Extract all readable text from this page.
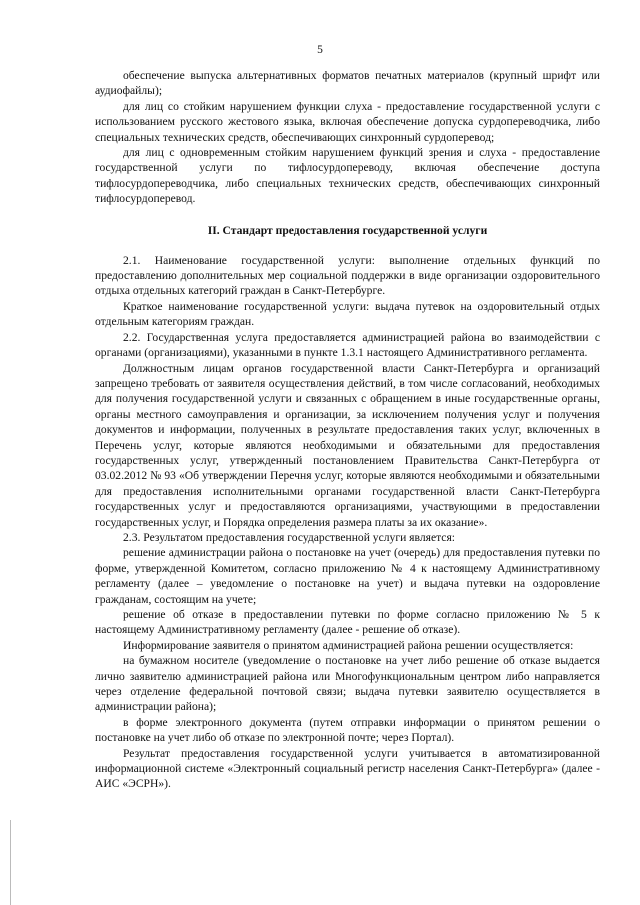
5

обеспечение выпуска альтернативных форматов печатных материалов (крупный шрифт или аудиофайлы);

для лиц со стойким нарушением функции слуха - предоставление государственной услуги с использованием русского жестового языка, включая обеспечение допуска сурдопереводчика, либо специальных технических средств, обеспечивающих синхронный сурдоперевод;

для лиц с одновременным стойким нарушением функций зрения и слуха - предоставление государственной услуги по тифлосурдопереводу, включая обеспечение доступа тифлосурдопереводчика, либо специальных технических средств, обеспечивающих синхронный тифлосурдоперевод.

II. Стандарт предоставления государственной услуги

2.1. Наименование государственной услуги: выполнение отдельных функций по предоставлению дополнительных мер социальной поддержки в виде организации оздоровительного отдыха отдельных категорий граждан в Санкт-Петербурге.

Краткое наименование государственной услуги: выдача путевок на оздоровительный отдых отдельным категориям граждан.

2.2. Государственная услуга предоставляется администрацией района во взаимодействии с органами (организациями), указанными в пункте 1.3.1 настоящего Административного регламента.

Должностным лицам органов государственной власти Санкт-Петербурга и организаций запрещено требовать от заявителя осуществления действий, в том числе согласований, необходимых для получения государственной услуги и связанных с обращением в иные государственные органы, органы местного самоуправления и организации, за исключением получения услуг и получения документов и информации, полученных в результате предоставления таких услуг, включенных в Перечень услуг, которые являются необходимыми и обязательными для предоставления государственных услуг, утвержденный постановлением Правительства Санкт-Петербурга от 03.02.2012 № 93 «Об утверждении Перечня услуг, которые являются необходимыми и обязательными для предоставления исполнительными органами государственной власти Санкт-Петербурга государственных услуг и предоставляются организациями, участвующими в предоставлении государственных услуг, и Порядка определения размера платы за их оказание».

2.3. Результатом предоставления государственной услуги является:

решение администрации района о постановке на учет (очередь) для предоставления путевки по форме, утвержденной Комитетом, согласно приложению № 4 к настоящему Административному регламенту (далее – уведомление о постановке на учет) и выдача путевки на оздоровление гражданам, состоящим на учете;

решение об отказе в предоставлении путевки по форме согласно приложению № 5 к настоящему Административному регламенту (далее - решение об отказе).

Информирование заявителя о принятом администрацией района решении осуществляется:

на бумажном носителе (уведомление о постановке на учет либо решение об отказе выдается лично заявителю администрацией района или Многофункциональным центром либо направляется через отделение федеральной почтовой связи; выдача путевки заявителю осуществляется в администрации района);

в форме электронного документа (путем отправки информации о принятом решении о постановке на учет либо об отказе по электронной почте; через Портал).

Результат предоставления государственной услуги учитывается в автоматизированной информационной системе «Электронный социальный регистр населения Санкт-Петербурга» (далее - АИС «ЭСРН»).
